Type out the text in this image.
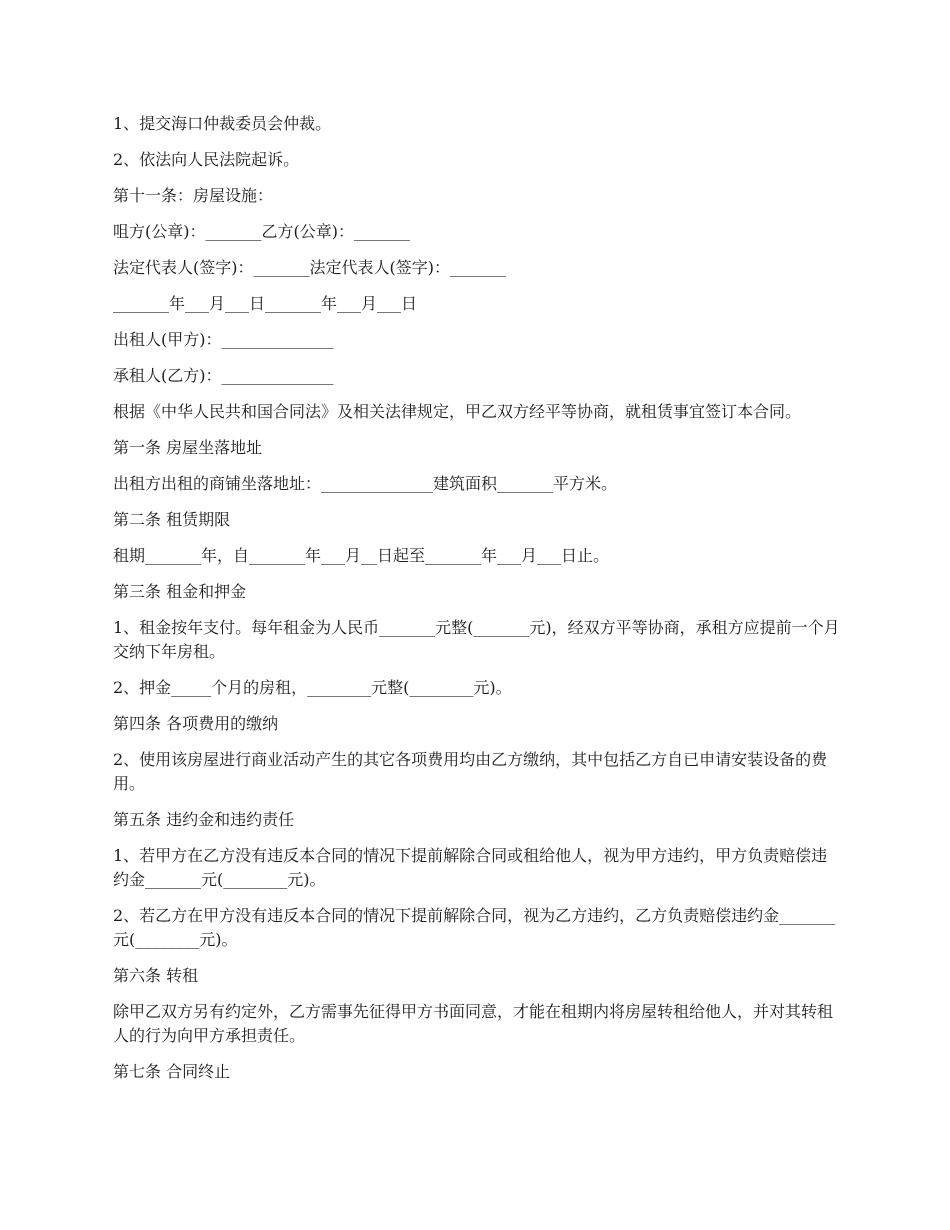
1、提交海口仲裁委员会仲裁。

2、依法向人民法院起诉。

第十一条：房屋设施：

咀方(公章)：_______乙方(公章)：_______

法定代表人(签字)：_______法定代表人(签字)：_______

_______年___月___日_______年___月___日

出租人(甲方)：______________

承租人(乙方)：______________

根据《中华人民共和国合同法》及相关法律规定，甲乙双方经平等协商，就租赁事宜签订本合同。

第一条 房屋坐落地址

出租方出租的商铺坐落地址：______________建筑面积_______平方米。

第二条 租赁期限

租期_______年，自_______年___月__日起至_______年___月___日止。

第三条 租金和押金

1、租金按年支付。每年租金为人民币_______元整(_______元)，经双方平等协商，承租方应提前一个月交纳下年房租。

2、押金_____个月的房租，________元整(________元)。

第四条 各项费用的缴纳

2、使用该房屋进行商业活动产生的其它各项费用均由乙方缴纳，其中包括乙方自已申请安装设备的费用。

第五条 违约金和违约责任

1、若甲方在乙方没有违反本合同的情况下提前解除合同或租给他人，视为甲方违约，甲方负责赔偿违约金_______元(________元)。

2、若乙方在甲方没有违反本合同的情况下提前解除合同，视为乙方违约，乙方负责赔偿违约金_______元(________元)。

第六条 转租

除甲乙双方另有约定外，乙方需事先征得甲方书面同意，才能在租期内将房屋转租给他人，并对其转租人的行为向甲方承担责任。

第七条 合同终止
